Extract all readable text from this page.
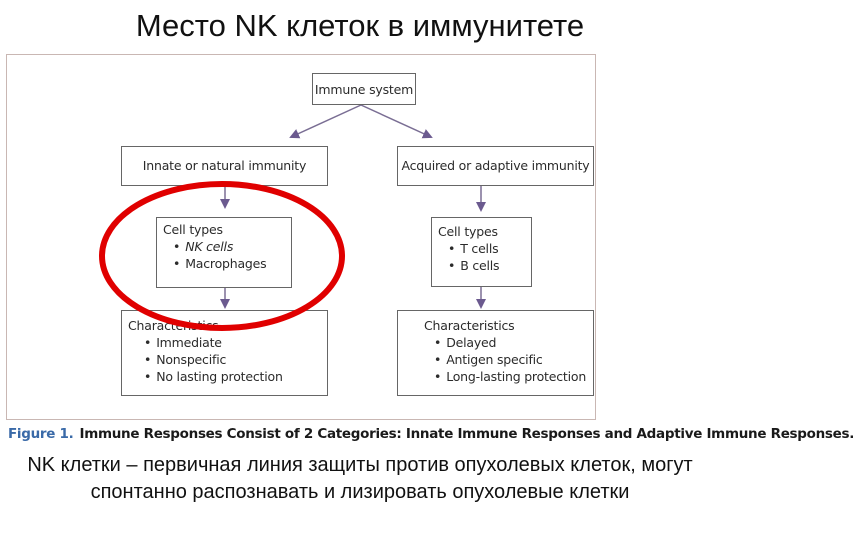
Место NK клеток в иммунитете
Immune system
Innate or natural immunity	Acquired or adaptive immunity
Cell types
• NK cells
• Macrophages
Cell types
• T cells
• B cells
Characteristics
• Immediate
• Nonspecific
• No lasting protection
Characteristics
• Delayed
• Antigen specific
• Long-lasting protection
Figure 1. Immune Responses Consist of 2 Categories: Innate Immune Responses and Adaptive Immune Responses.
NK клетки – первичная линия защиты против опухолевых клеток, могут спонтанно распознавать и лизировать опухолевые клетки
